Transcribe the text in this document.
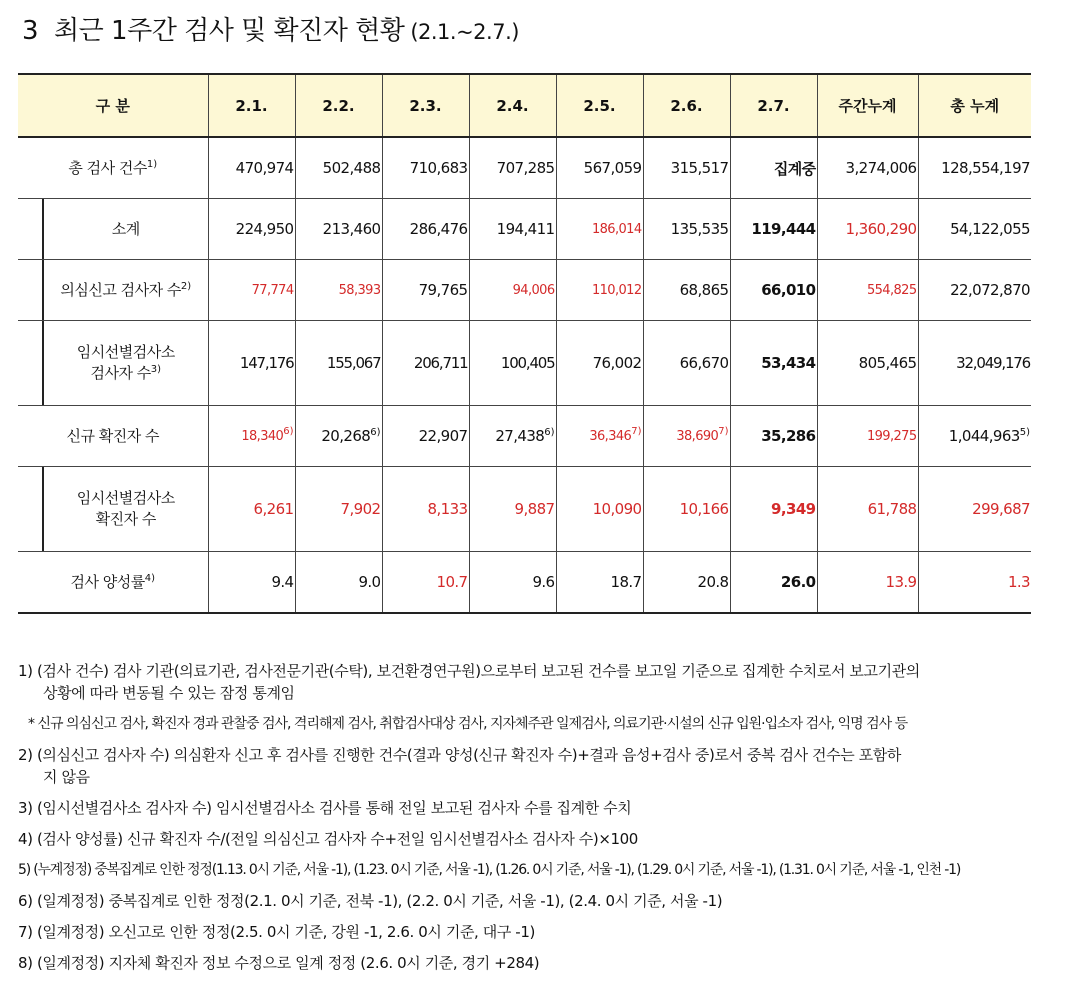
3 최근 1주간 검사 및 확진자 현황 (2.1.~2.7.)
구 분	2.1.	2.2.	2.3.	2.4.	2.5.	2.6.	2.7.	주간누계	총 누계
총 검사 건수$^{1)}$	470,974	502,488	710,683	707,285	567,059	315,517	집계중	3,274,006	128,554,197

소계	224,950	213,460	286,476	194,411	186,014	135,535	119,444	1,360,290	54,122,055

의심신고 검사자 수$^{2)}$	77,774	58,393	79,765	94,006	110,012	68,865	66,010	554,825	22,072,870

임시선별검사소
검사자 수$^{3)}$	147,176	155,067	206,711	100,405	76,002	66,670	53,434	805,465	32,049,176
신규 확진자 수	18,340$^{6)}$	20,268$^{6)}$	22,907	27,438$^{6)}$	36,346$^{7)}$	38,690$^{7)}$	35,286	199,275	1,044,963$^{5)}$

임시선별검사소
확진자 수	6,261	7,902	8,133	9,887	10,090	10,166	9,349	61,788	299,687
검사 양성률$^{4)}$	9.4	9.0	10.7	9.6	18.7	20.8	26.0	13.9	1.3
1) (검사 건수) 검사 기관(의료기관, 검사전문기관(수탁), 보건환경연구원)으로부터 보고된 건수를 보고일 기준으로 집계한 수치로서 보고기관의
상황에 따라 변동될 수 있는 잠정 통계임
* 신규 의심신고 검사, 확진자 경과 관찰중 검사, 격리해제 검사, 취합검사대상 검사, 지자체주관 일제검사, 의료기관·시설의 신규 입원·입소자 검사, 익명 검사 등
2) (의심신고 검사자 수) 의심환자 신고 후 검사를 진행한 건수(결과 양성(신규 확진자 수)+결과 음성+검사 중)로서 중복 검사 건수는 포함하
지 않음
3) (임시선별검사소 검사자 수) 임시선별검사소 검사를 통해 전일 보고된 검사자 수를 집계한 수치
4) (검사 양성률) 신규 확진자 수/(전일 의심신고 검사자 수+전일 임시선별검사소 검사자 수)×100
5) (누계정정) 중복집계로 인한 정정(1.13. 0시 기준, 서울 -1), (1.23. 0시 기준, 서울 -1), (1.26. 0시 기준, 서울 -1), (1.29. 0시 기준, 서울 -1), (1.31. 0시 기준, 서울 -1, 인천 -1)
6) (일계정정) 중복집계로 인한 정정(2.1. 0시 기준, 전북 -1), (2.2. 0시 기준, 서울 -1), (2.4. 0시 기준, 서울 -1)
7) (일계정정) 오신고로 인한 정정(2.5. 0시 기준, 강원 -1, 2.6. 0시 기준, 대구 -1)
8) (일계정정) 지자체 확진자 정보 수정으로 일계 정정 (2.6. 0시 기준, 경기 +284)
